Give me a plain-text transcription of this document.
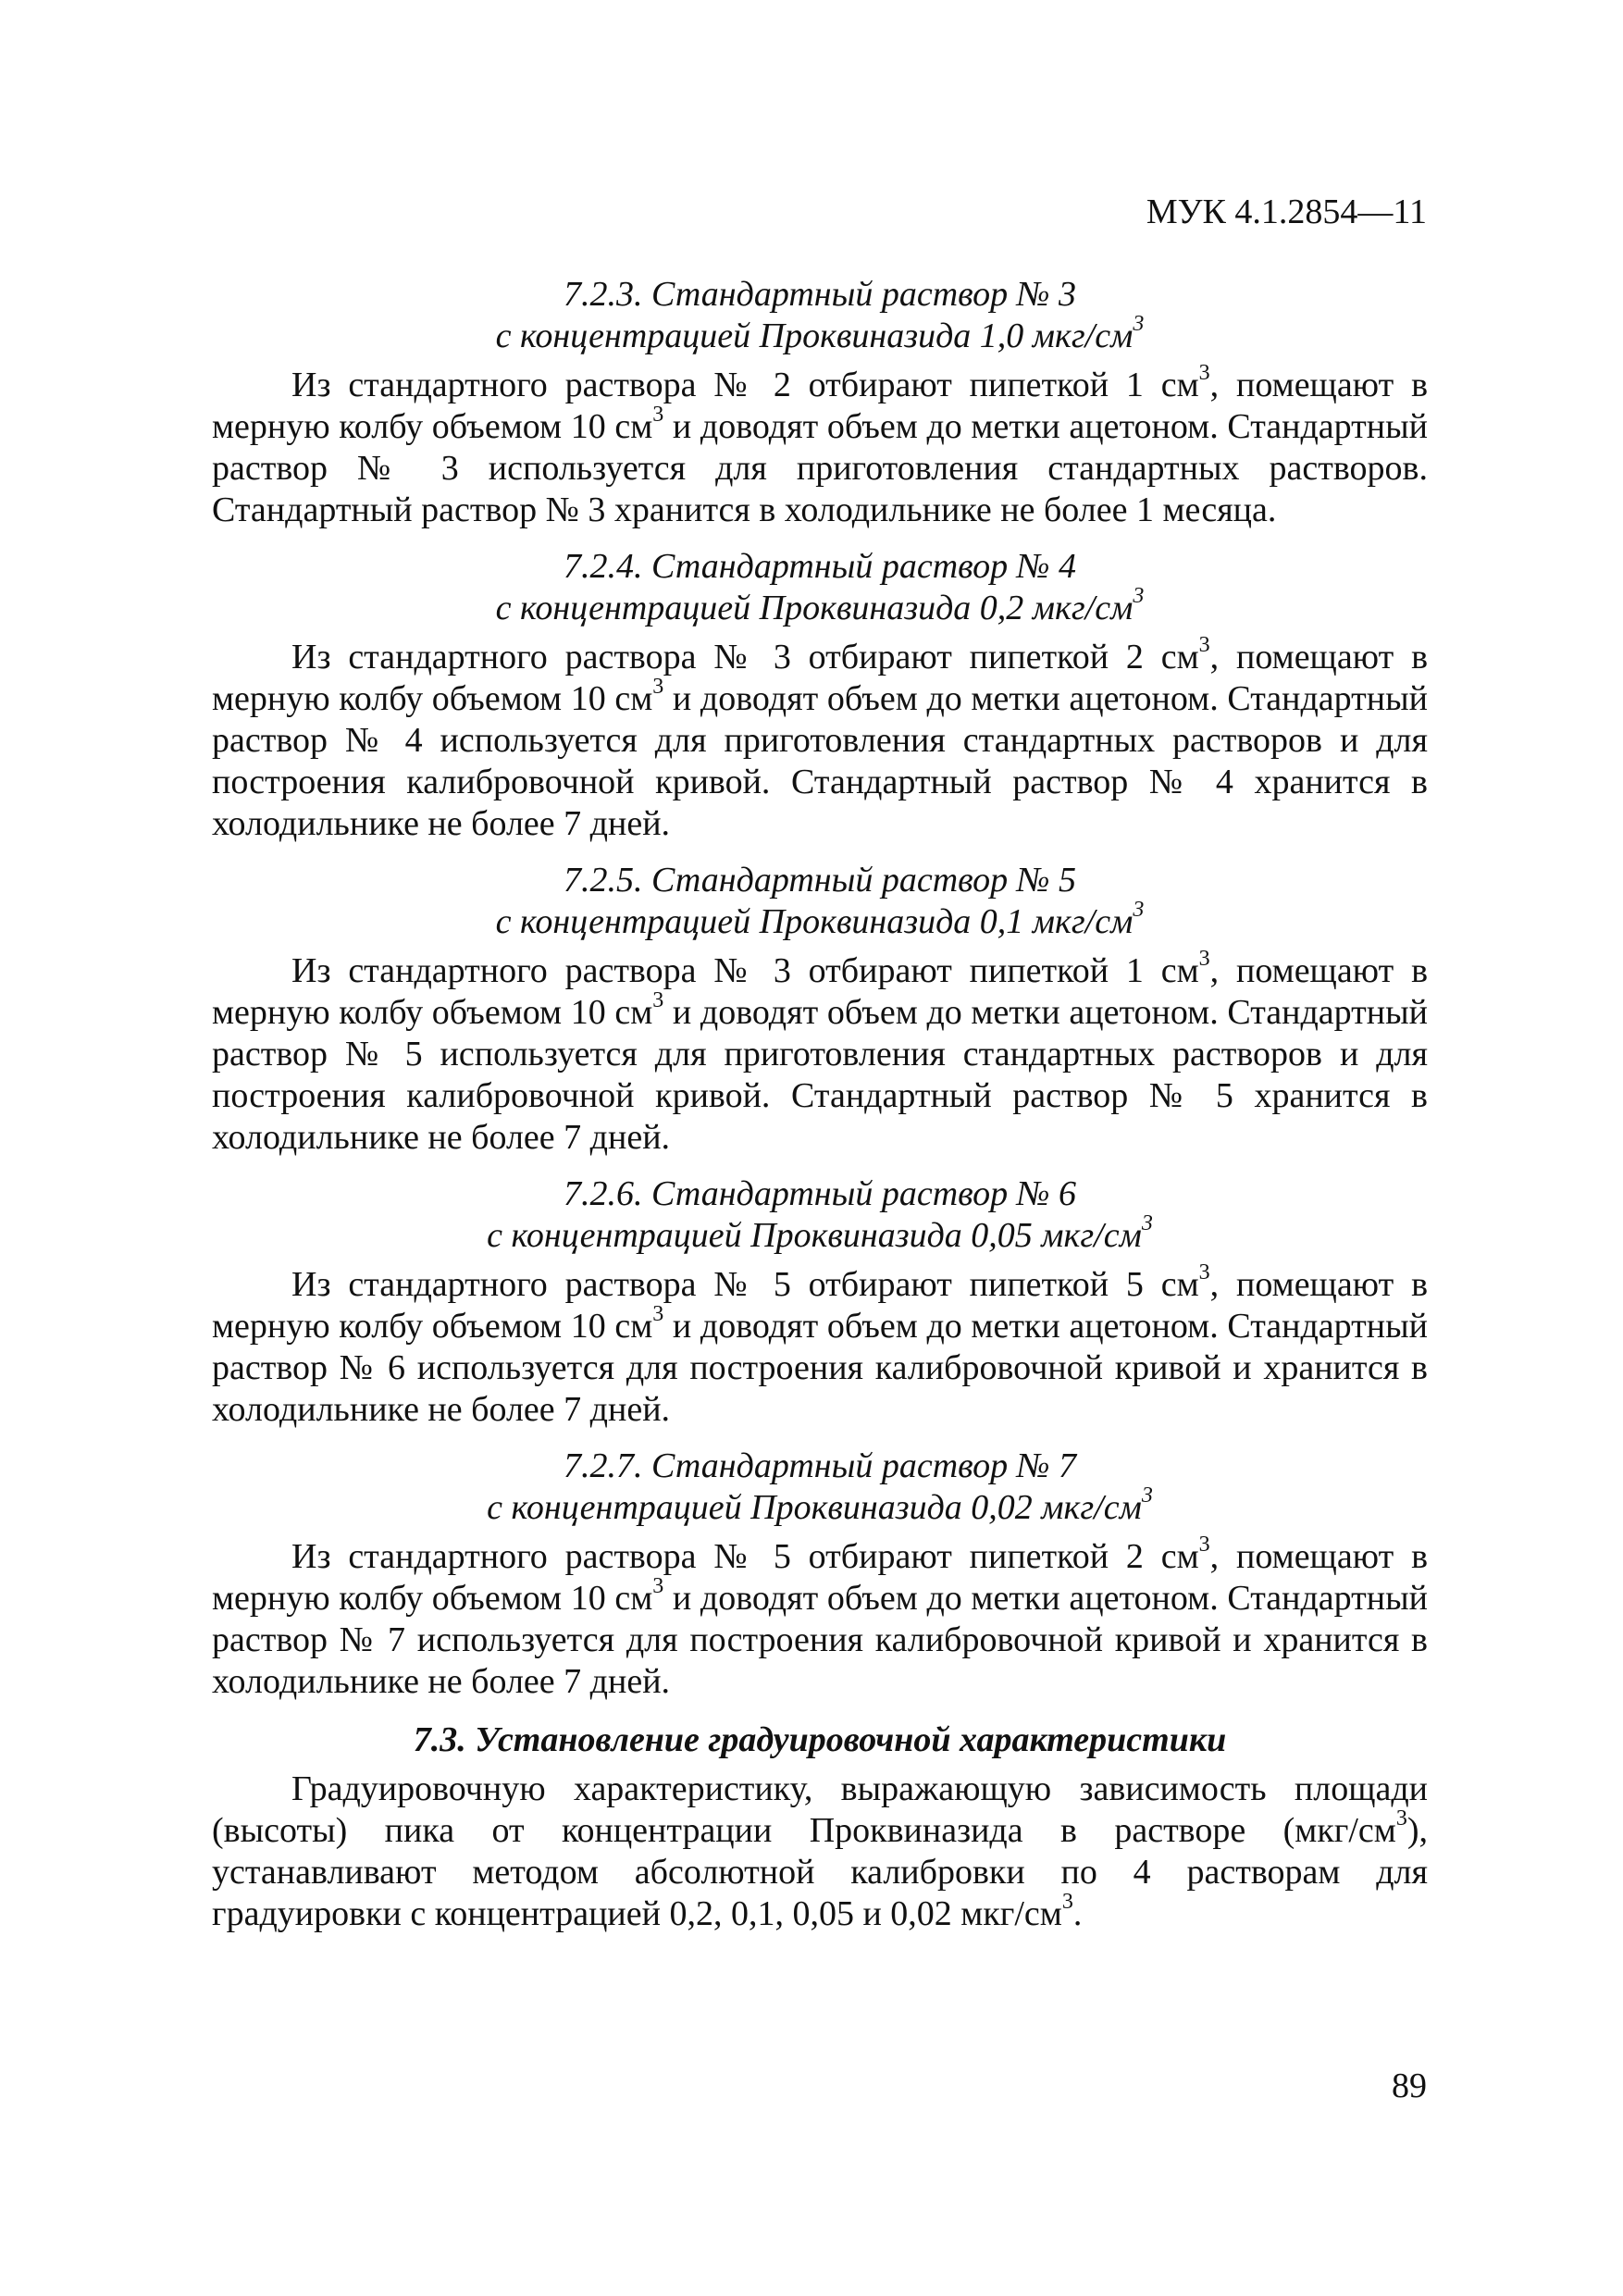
МУК 4.1.2854—11
7.2.3. Стандартный раствор № 3
с концентрацией Проквиназида 1,0 мкг/$см^3$

Из стандартного раствора № 2 отбирают пипеткой 1 $см^3$, помещают в мерную колбу объемом 10 $см^3$ и доводят объем до метки ацетоном. Стандартный раствор № 3 используется для приготовления стандартных растворов. Стандартный раствор № 3 хранится в холодильнике не более 1 месяца.

7.2.4. Стандартный раствор № 4
с концентрацией Проквиназида 0,2 мкг/$см^3$

Из стандартного раствора № 3 отбирают пипеткой 2 $см^3$, помещают в мерную колбу объемом 10 $см^3$ и доводят объем до метки ацетоном. Стандартный раствор № 4 используется для приготовления стандартных растворов и для построения калибровочной кривой. Стандартный раствор № 4 хранится в холодильнике не более 7 дней.

7.2.5. Стандартный раствор № 5
с концентрацией Проквиназида 0,1 мкг/$см^3$

Из стандартного раствора № 3 отбирают пипеткой 1 $см^3$, помещают в мерную колбу объемом 10 $см^3$ и доводят объем до метки ацетоном. Стандартный раствор № 5 используется для приготовления стандартных растворов и для построения калибровочной кривой. Стандартный раствор № 5 хранится в холодильнике не более 7 дней.

7.2.6. Стандартный раствор № 6
с концентрацией Проквиназида 0,05 мкг/$см^3$

Из стандартного раствора № 5 отбирают пипеткой 5 $см^3$, помещают в мерную колбу объемом 10 $см^3$ и доводят объем до метки ацетоном. Стандартный раствор № 6 используется для построения калибровочной кривой и хранится в холодильнике не более 7 дней.

7.2.7. Стандартный раствор № 7
с концентрацией Проквиназида 0,02 мкг/$см^3$

Из стандартного раствора № 5 отбирают пипеткой 2 $см^3$, помещают в мерную колбу объемом 10 $см^3$ и доводят объем до метки ацетоном. Стандартный раствор № 7 используется для построения калибровочной кривой и хранится в холодильнике не более 7 дней.

7.3. Установление градуировочной характеристики

Градуировочную характеристику, выражающую зависимость площади (высоты) пика от концентрации Проквиназида в растворе $(мкг/см^3)$, устанавливают методом абсолютной калибровки по 4 растворам для градуировки с концентрацией 0,2, 0,1, 0,05 и 0,02 мкг/$см^3$.

89
